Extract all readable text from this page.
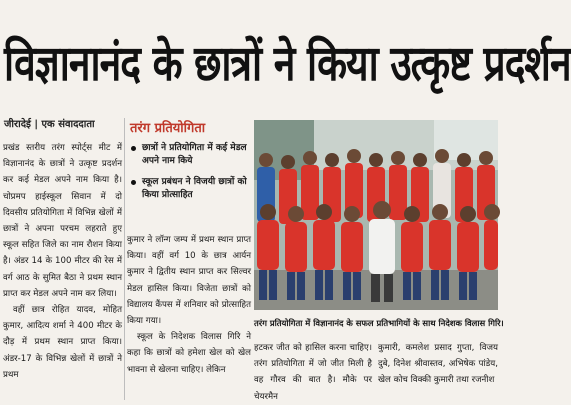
विज्ञानानंद के छात्रों ने किया उत्कृष्ट प्रदर्शन
जीरादेई | एक संवाददाता

प्रखंड स्तरीय तरंग स्पोर्ट्स मीट में विज्ञानानंद के छात्रों ने उत्कृष्ट प्रदर्शन कर कई मेडल अपने नाम किया है। चोप्रमप हाईस्कूल सिवान में दो दिवसीय प्रतियोगिता में विभिन्न खेलों में छात्रों ने अपना परचम लहराते हुए स्कूल सहित जिले का नाम रौशन किया है। अंडर 14 के 100 मीटर की रेस में वर्ग आठ के सुमित बैठा ने प्रथम स्थान प्राप्त कर मेडल अपने नाम कर लिया।

वहीं छात्र रोहित यादव, मोहित कुमार, आदित्य शर्मा ने 400 मीटर के दौड़ में प्रथम स्थान प्राप्त किया। अंडर-17 के विभिन्न खेलों में छात्रों ने प्रथम

तरंग प्रतियोगिता
छात्रों ने प्रतियोगिता में कई मेडल अपने नाम किये
स्कूल प्रबंधन ने विजयी छात्रों को किया प्रोत्साहित

कुमार ने लॉन्ग जम्प में प्रथम स्थान प्राप्त किया। वहीं वर्ग 10 के छात्र आर्यन कुमार ने द्वितीय स्थान प्राप्त कर सिल्वर मेडल हासिल किया। विजेता छात्रों को विद्यालय कैंपस में शनिवार को प्रोत्साहित किया गया।

स्कूल के निदेशक विलास गिरि ने कहा कि छात्रों को हमेशा खेल को खेल भावना से खेलना चाहिए। लेकिन

तरंग प्रतियोगिता में विज्ञानानंद के सफल प्रतिभागियों के साथ निदेशक विलास गिरि।

हटकर जीत को हासिल करना चाहिए। तरंग प्रतियोगिता में जो जीत मिली है वह गौरव की बात है। मौके पर चेयरमैन

कुमारी, कमलेश प्रसाद गुप्ता, विजय दुबे, दिनेश श्रीवास्तव, अभिषेक पांडेय, खेल कोच विक्की कुमारी तथा रजनीश
